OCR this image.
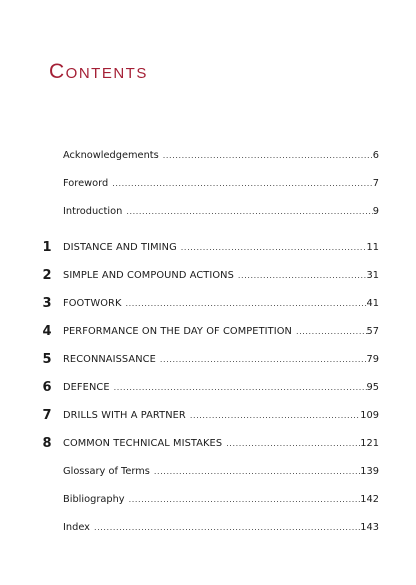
Contents
Acknowledgements .....	6
Foreword .....	7
Introduction .....	9
1 DISTANCE AND TIMING .....	11
2 SIMPLE AND COMPOUND ACTIONS .....	31
3 FOOTWORK .....	41
4 PERFORMANCE ON THE DAY OF COMPETITION .....	57
5 RECONNAISSANCE .....	79
6 DEFENCE .....	95
7 DRILLS WITH A PARTNER .....	109
8 COMMON TECHNICAL MISTAKES .....	121
Glossary of Terms .....	139
Bibliography .....	142
Index .....	143
